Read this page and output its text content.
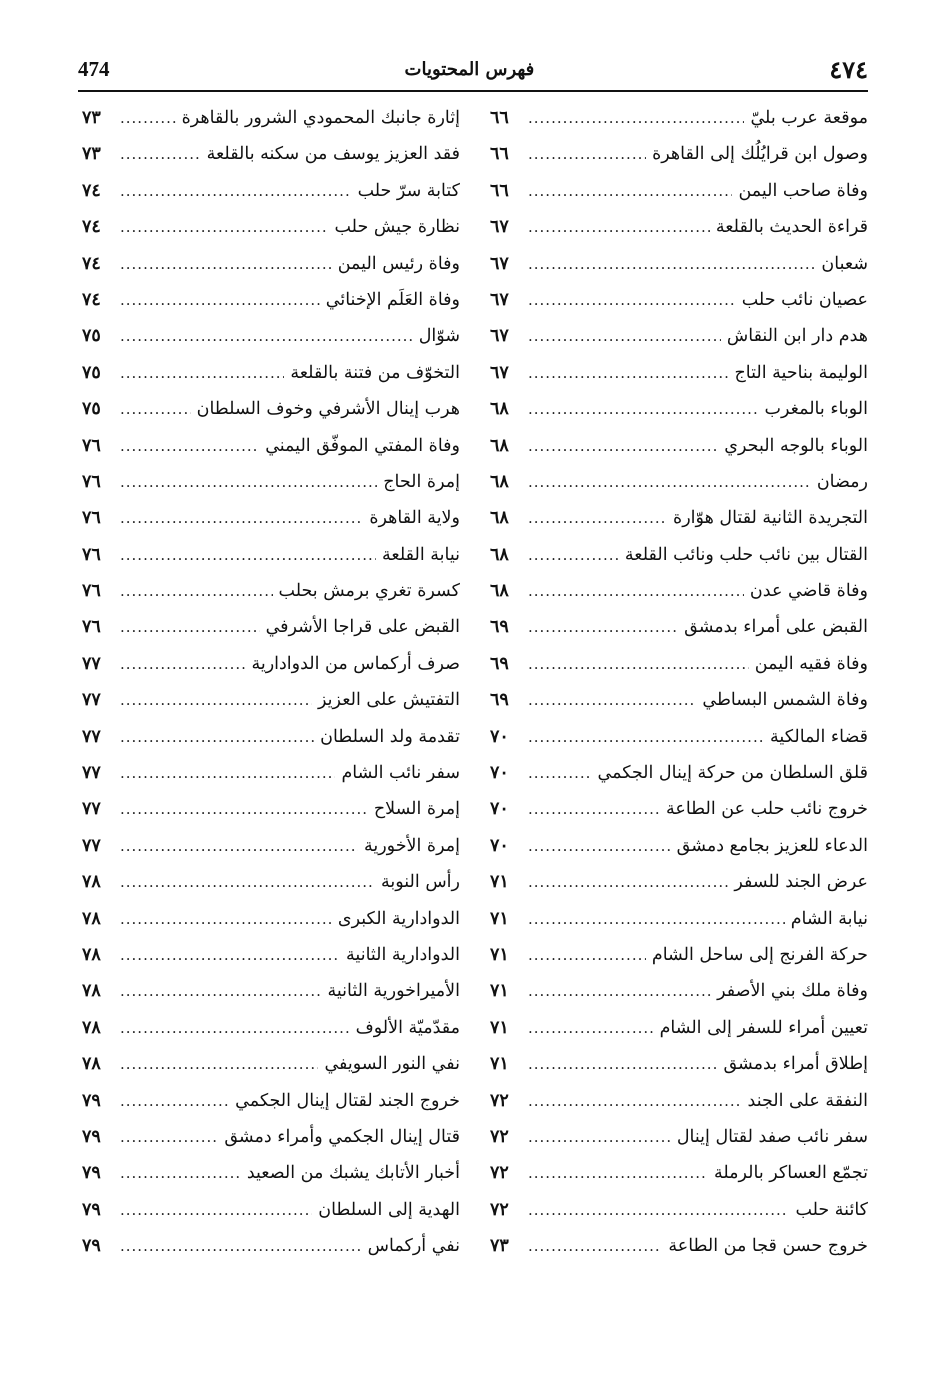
٤٧٤
فهرس المحتويات
474
موقعة عرب بليّ
.....
٦٦
وصول ابن قرايُلُك إلى القاهرة
.....
٦٦
وفاة صاحب اليمن
.....
٦٦
قراءة الحديث بالقلعة
.....
٦٧
شعبان
.....
٦٧
عصيان نائب حلب
.....
٦٧
هدم دار ابن النقاش
.....
٦٧
الوليمة بناحية التاج
.....
٦٧
الوباء بالمغرب
.....
٦٨
الوباء بالوجه البحري
.....
٦٨
رمضان
.....
٦٨
التجريدة الثانية لقتال هوّارة
.....
٦٨
القتال بين نائب حلب ونائب القلعة
.....
٦٨
وفاة قاضي عدن
.....
٦٨
القبض على أمراء بدمشق
.....
٦٩
وفاة فقيه اليمن
.....
٦٩
وفاة الشمس البساطي
.....
٦٩
قضاء المالكية
.....
٧٠
قلق السلطان من حركة إينال الجكمي
.....
٧٠
خروج نائب حلب عن الطاعة
.....
٧٠
الدعاء للعزيز بجامع دمشق
.....
٧٠
عرض الجند للسفر
.....
٧١
نيابة الشام
.....
٧١
حركة الفرنج إلى ساحل الشام
.....
٧١
وفاة ملك بني الأصفر
.....
٧١
تعيين أمراء للسفر إلى الشام
.....
٧١
إطلاق أمراء بدمشق
.....
٧١
النفقة على الجند
.....
٧٢
سفر نائب صفد لقتال إينال
.....
٧٢
تجمّع العساكر بالرملة
.....
٧٢
كائنة حلب
.....
٧٢
خروج حسن قجا من الطاعة
.....
٧٣
إثارة جانبك المحمودي الشرور بالقاهرة
.....
٧٣
فقد العزيز يوسف من سكنه بالقلعة
.....
٧٣
كتابة سرّ حلب
.....
٧٤
نظارة جيش حلب
.....
٧٤
وفاة رئيس اليمن
.....
٧٤
وفاة العَلَم الإخنائي
.....
٧٤
شوّال
.....
٧٥
التخوّف من فتنة بالقلعة
.....
٧٥
هرب إينال الأشرفي وخوف السلطان
.....
٧٥
وفاة المفتي الموفّق اليمني
.....
٧٦
إمرة الحاج
.....
٧٦
ولاية القاهرة
.....
٧٦
نيابة القلعة
.....
٧٦
كسرة تغري برمش بحلب
.....
٧٦
القبض على قراجا الأشرفي
.....
٧٦
صرف أركماس من الدوادارية
.....
٧٧
التفتيش على العزيز
.....
٧٧
تقدمة ولد السلطان
.....
٧٧
سفر نائب الشام
.....
٧٧
إمرة السلاح
.....
٧٧
إمرة الأخورية
.....
٧٧
رأس النوبة
.....
٧٨
الدوادارية الكبرى
.....
٧٨
الدوادارية الثانية
.....
٧٨
الأميراخورية الثانية
.....
٧٨
مقدّميّة الألوف
.....
٧٨
نفي النور السويفي
.....
٧٨
خروج الجند لقتال إينال الجكمي
.....
٧٩
قتال إينال الجكمي وأمراء دمشق
.....
٧٩
أخبار الأتابك يشبك من الصعيد
.....
٧٩
الهدية إلى السلطان
.....
٧٩
نفي أركماس
.....
٧٩
